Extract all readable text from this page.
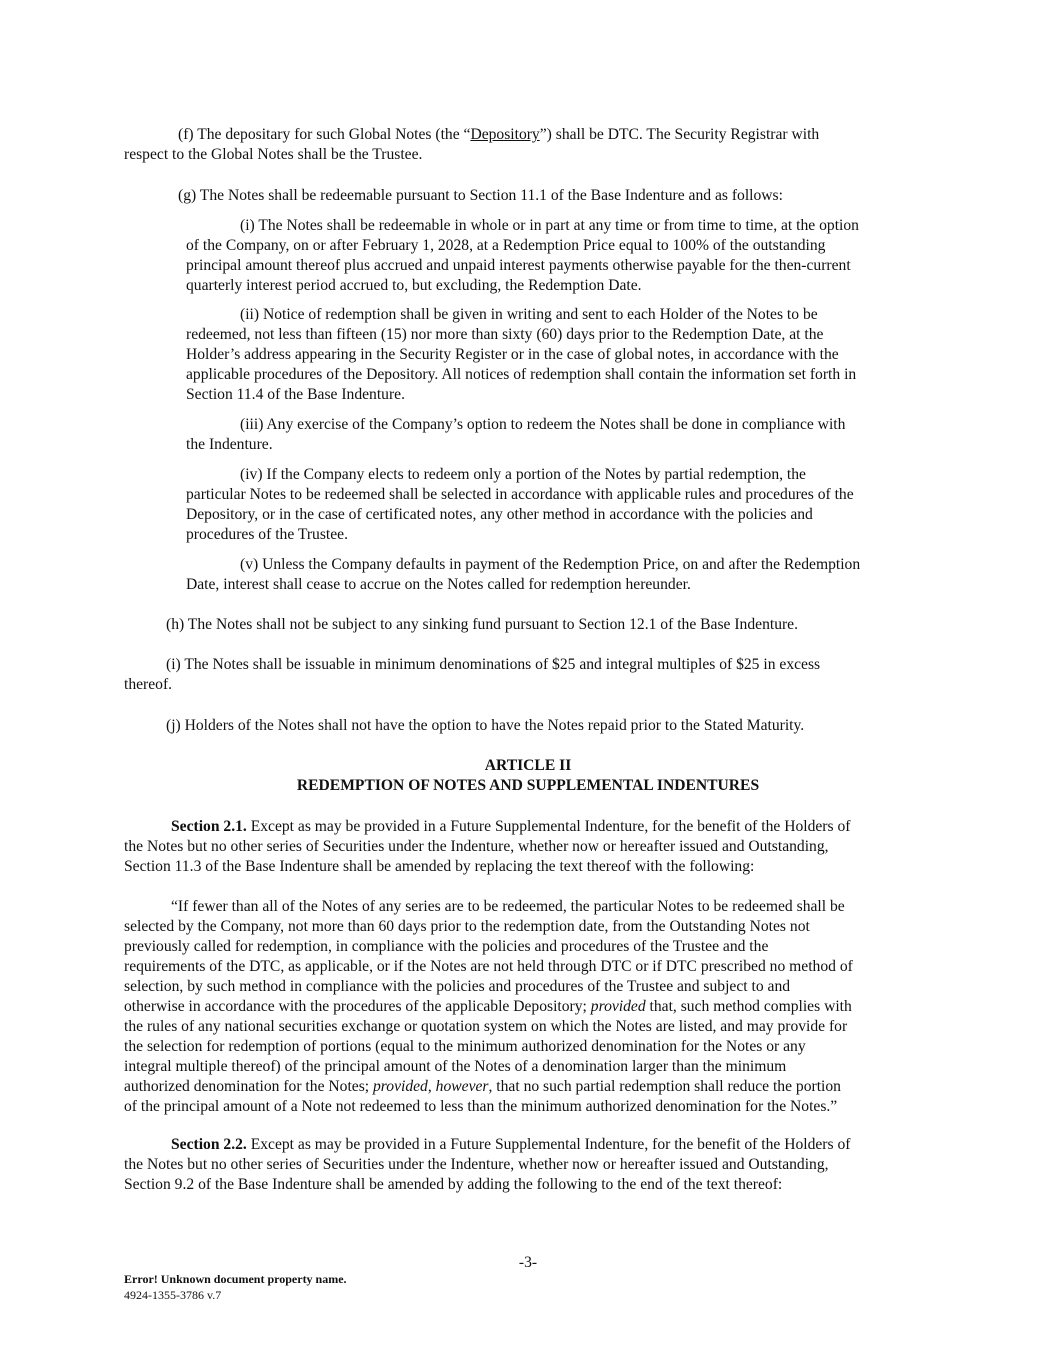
(f) The depositary for such Global Notes (the “Depository”) shall be DTC. The Security Registrar with
respect to the Global Notes shall be the Trustee.
(g) The Notes shall be redeemable pursuant to Section 11.1 of the Base Indenture and as follows:
(i) The Notes shall be redeemable in whole or in part at any time or from time to time, at the option
of the Company, on or after February 1, 2028, at a Redemption Price equal to 100% of the outstanding
principal amount thereof plus accrued and unpaid interest payments otherwise payable for the then-current
quarterly interest period accrued to, but excluding, the Redemption Date.
(ii) Notice of redemption shall be given in writing and sent to each Holder of the Notes to be
redeemed, not less than fifteen (15) nor more than sixty (60) days prior to the Redemption Date, at the
Holder’s address appearing in the Security Register or in the case of global notes, in accordance with the
applicable procedures of the Depository. All notices of redemption shall contain the information set forth in
Section 11.4 of the Base Indenture.
(iii) Any exercise of the Company’s option to redeem the Notes shall be done in compliance with
the Indenture.
(iv) If the Company elects to redeem only a portion of the Notes by partial redemption, the
particular Notes to be redeemed shall be selected in accordance with applicable rules and procedures of the
Depository, or in the case of certificated notes, any other method in accordance with the policies and
procedures of the Trustee.
(v) Unless the Company defaults in payment of the Redemption Price, on and after the Redemption
Date, interest shall cease to accrue on the Notes called for redemption hereunder.
(h) The Notes shall not be subject to any sinking fund pursuant to Section 12.1 of the Base Indenture.
(i) The Notes shall be issuable in minimum denominations of $25 and integral multiples of $25 in excess
thereof.
(j) Holders of the Notes shall not have the option to have the Notes repaid prior to the Stated Maturity.
ARTICLE II
REDEMPTION OF NOTES AND SUPPLEMENTAL INDENTURES
Section 2.1. Except as may be provided in a Future Supplemental Indenture, for the benefit of the Holders of
the Notes but no other series of Securities under the Indenture, whether now or hereafter issued and Outstanding,
Section 11.3 of the Base Indenture shall be amended by replacing the text thereof with the following:
“If fewer than all of the Notes of any series are to be redeemed, the particular Notes to be redeemed shall be
selected by the Company, not more than 60 days prior to the redemption date, from the Outstanding Notes not
previously called for redemption, in compliance with the policies and procedures of the Trustee and the
requirements of the DTC, as applicable, or if the Notes are not held through DTC or if DTC prescribed no method of
selection, by such method in compliance with the policies and procedures of the Trustee and subject to and
otherwise in accordance with the procedures of the applicable Depository; provided that, such method complies with
the rules of any national securities exchange or quotation system on which the Notes are listed, and may provide for
the selection for redemption of portions (equal to the minimum authorized denomination for the Notes or any
integral multiple thereof) of the principal amount of the Notes of a denomination larger than the minimum
authorized denomination for the Notes; provided, however, that no such partial redemption shall reduce the portion
of the principal amount of a Note not redeemed to less than the minimum authorized denomination for the Notes.”
Section 2.2. Except as may be provided in a Future Supplemental Indenture, for the benefit of the Holders of
the Notes but no other series of Securities under the Indenture, whether now or hereafter issued and Outstanding,
Section 9.2 of the Base Indenture shall be amended by adding the following to the end of the text thereof:
-3-
Error! Unknown document property name.
4924-1355-3786 v.7
